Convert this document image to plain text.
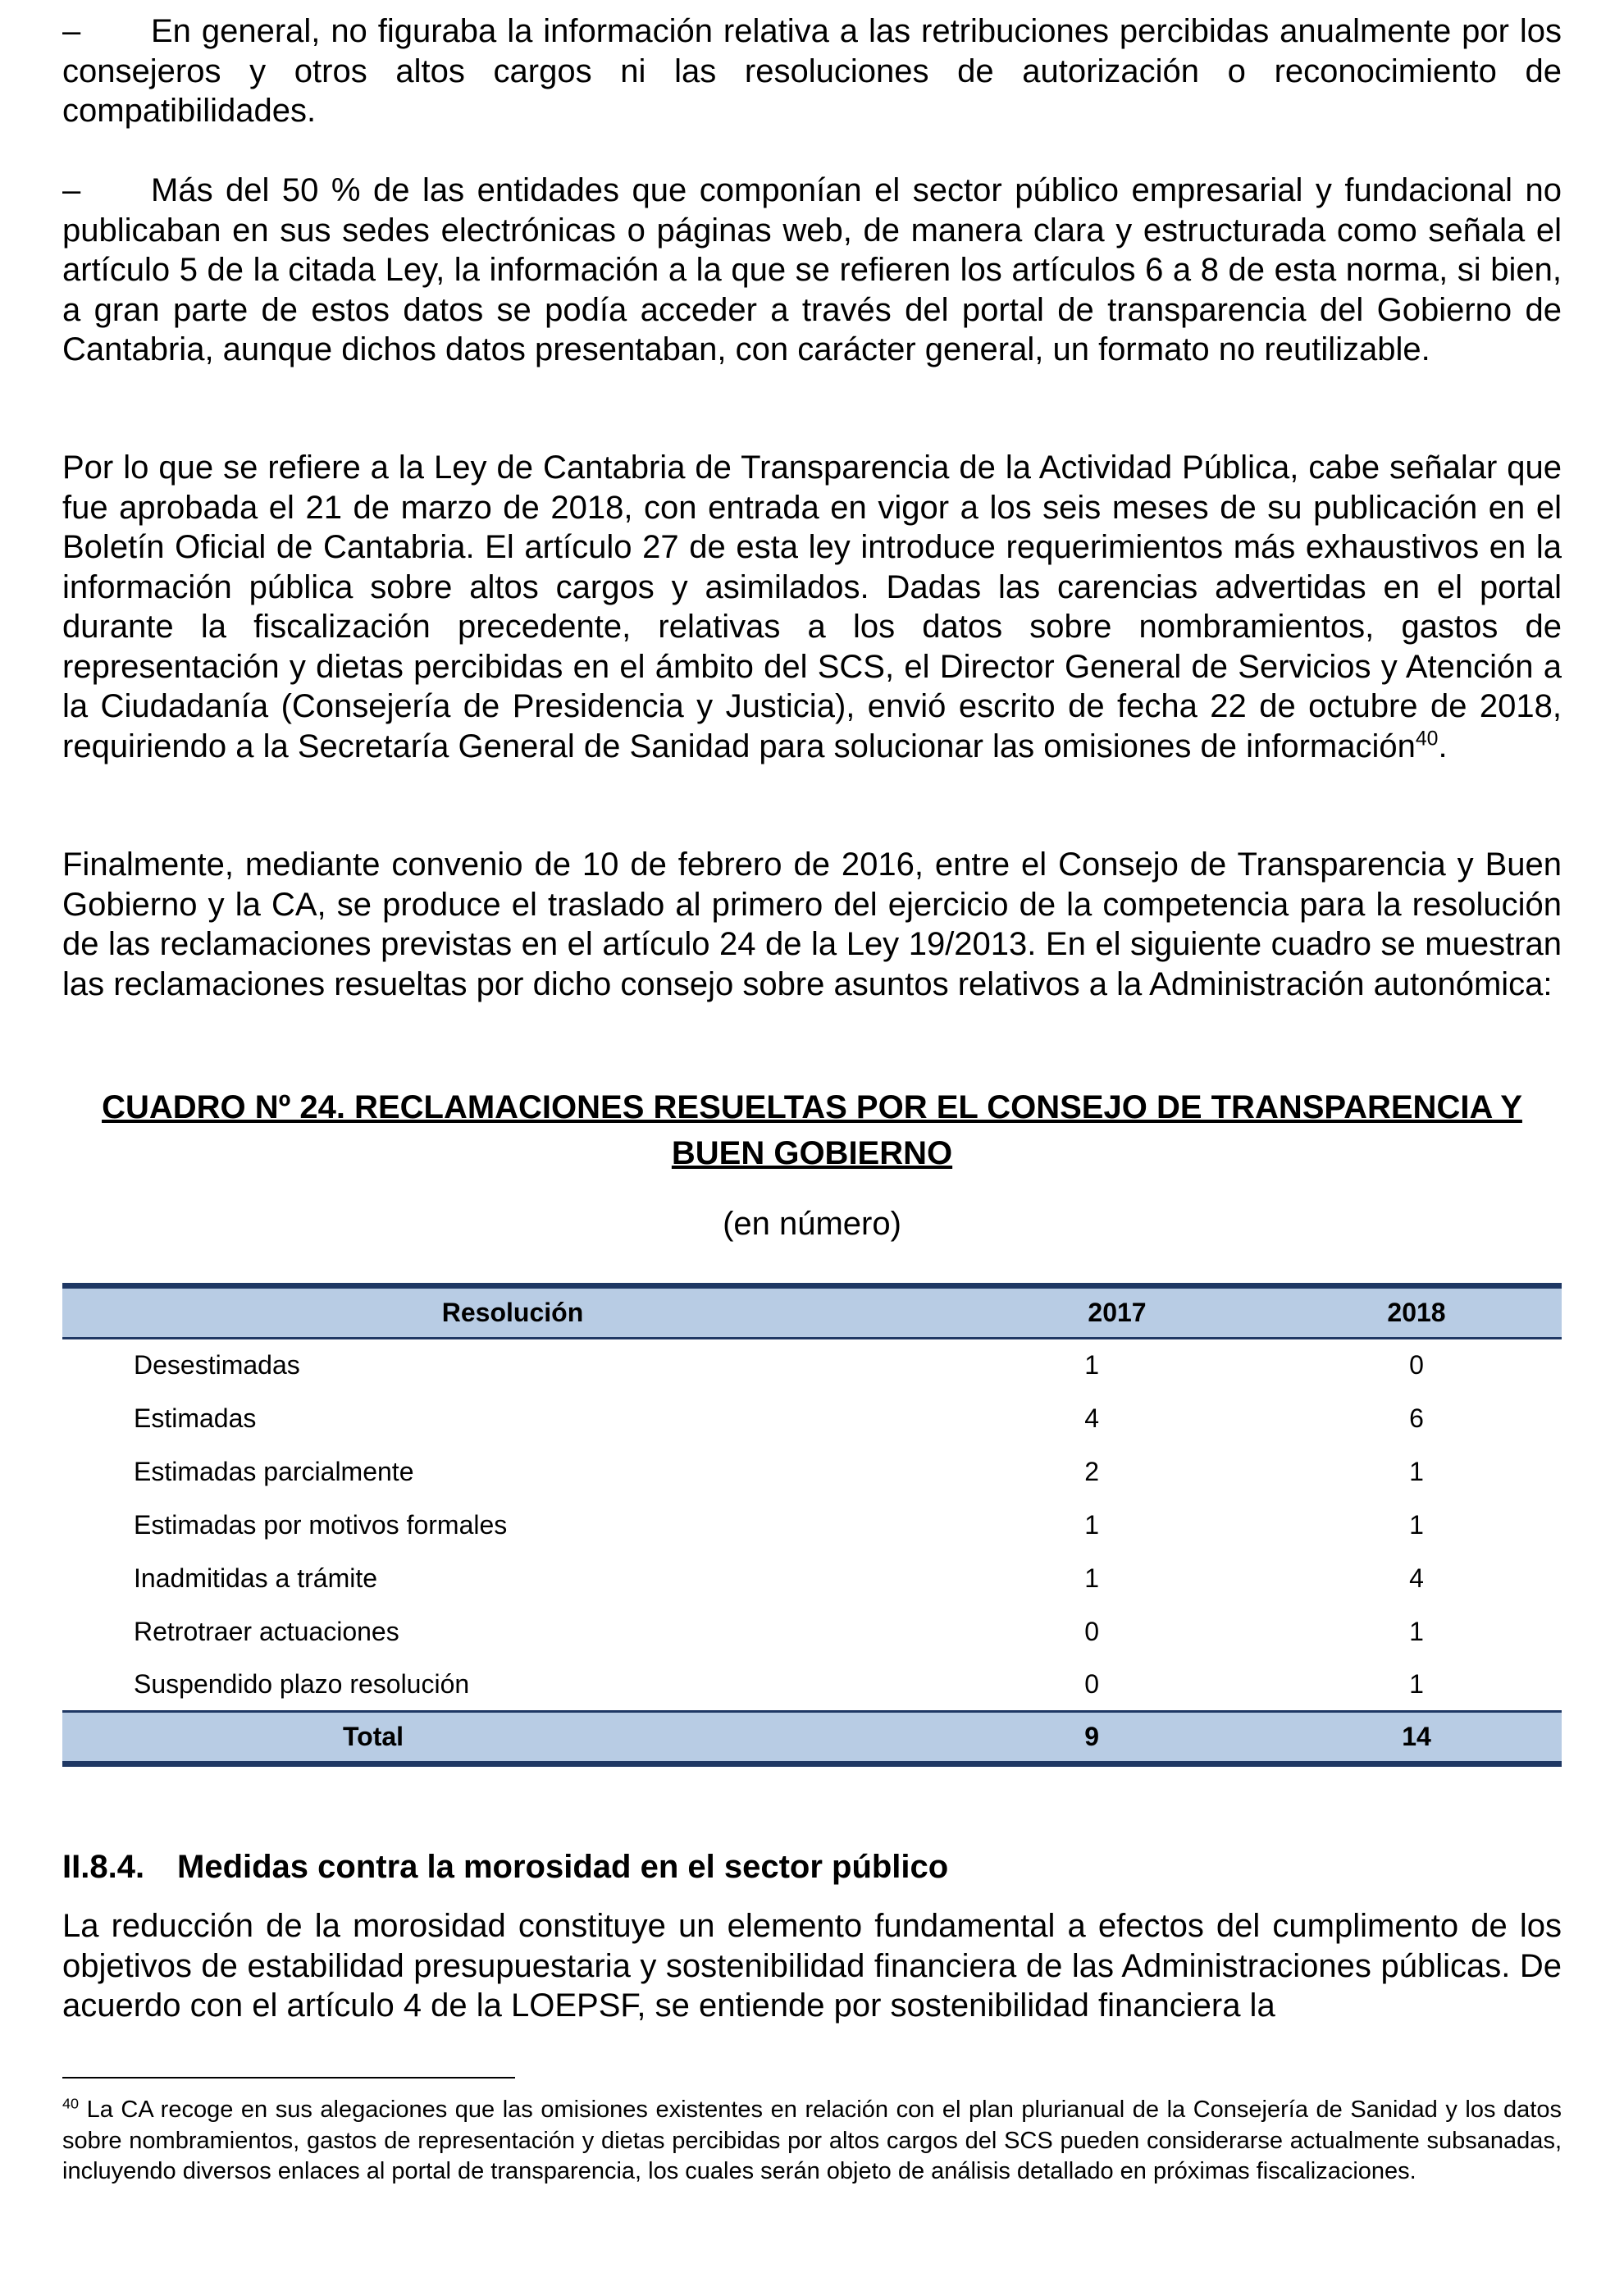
– En general, no figuraba la información relativa a las retribuciones percibidas anualmente por los consejeros y otros altos cargos ni las resoluciones de autorización o reconocimiento de compatibilidades.

– Más del 50 % de las entidades que componían el sector público empresarial y fundacional no publicaban en sus sedes electrónicas o páginas web, de manera clara y estructurada como señala el artículo 5 de la citada Ley, la información a la que se refieren los artículos 6 a 8 de esta norma, si bien, a gran parte de estos datos se podía acceder a través del portal de transparencia del Gobierno de Cantabria, aunque dichos datos presentaban, con carácter general, un formato no reutilizable.

Por lo que se refiere a la Ley de Cantabria de Transparencia de la Actividad Pública, cabe señalar que fue aprobada el 21 de marzo de 2018, con entrada en vigor a los seis meses de su publicación en el Boletín Oficial de Cantabria. El artículo 27 de esta ley introduce requerimientos más exhaustivos en la información pública sobre altos cargos y asimilados. Dadas las carencias advertidas en el portal durante la fiscalización precedente, relativas a los datos sobre nombramientos, gastos de representación y dietas percibidas en el ámbito del SCS, el Director General de Servicios y Atención a la Ciudadanía (Consejería de Presidencia y Justicia), envió escrito de fecha 22 de octubre de 2018, requiriendo a la Secretaría General de Sanidad para solucionar las omisiones de información$^{40}$.

Finalmente, mediante convenio de 10 de febrero de 2016, entre el Consejo de Transparencia y Buen Gobierno y la CA, se produce el traslado al primero del ejercicio de la competencia para la resolución de las reclamaciones previstas en el artículo 24 de la Ley 19/2013. En el siguiente cuadro se muestran las reclamaciones resueltas por dicho consejo sobre asuntos relativos a la Administración autonómica:

CUADRO Nº 24. RECLAMACIONES RESUELTAS POR EL CONSEJO DE TRANSPARENCIA Y
BUEN GOBIERNO

(en número)

Resolución	2017	2018
Desestimadas	1	0
Estimadas	4	6
Estimadas parcialmente	2	1
Estimadas por motivos formales	1	1
Inadmitidas a trámite	1	4
Retrotraer actuaciones	0	1
Suspendido plazo resolución	0	1
Total	9	14
II.8.4. Medidas contra la morosidad en el sector público

La reducción de la morosidad constituye un elemento fundamental a efectos del cumplimento de los objetivos de estabilidad presupuestaria y sostenibilidad financiera de las Administraciones públicas. De acuerdo con el artículo 4 de la LOEPSF, se entiende por sostenibilidad financiera la

$^{40}$ La CA recoge en sus alegaciones que las omisiones existentes en relación con el plan plurianual de la Consejería de Sanidad y los datos sobre nombramientos, gastos de representación y dietas percibidas por altos cargos del SCS pueden considerarse actualmente subsanadas, incluyendo diversos enlaces al portal de transparencia, los cuales serán objeto de análisis detallado en próximas fiscalizaciones.
